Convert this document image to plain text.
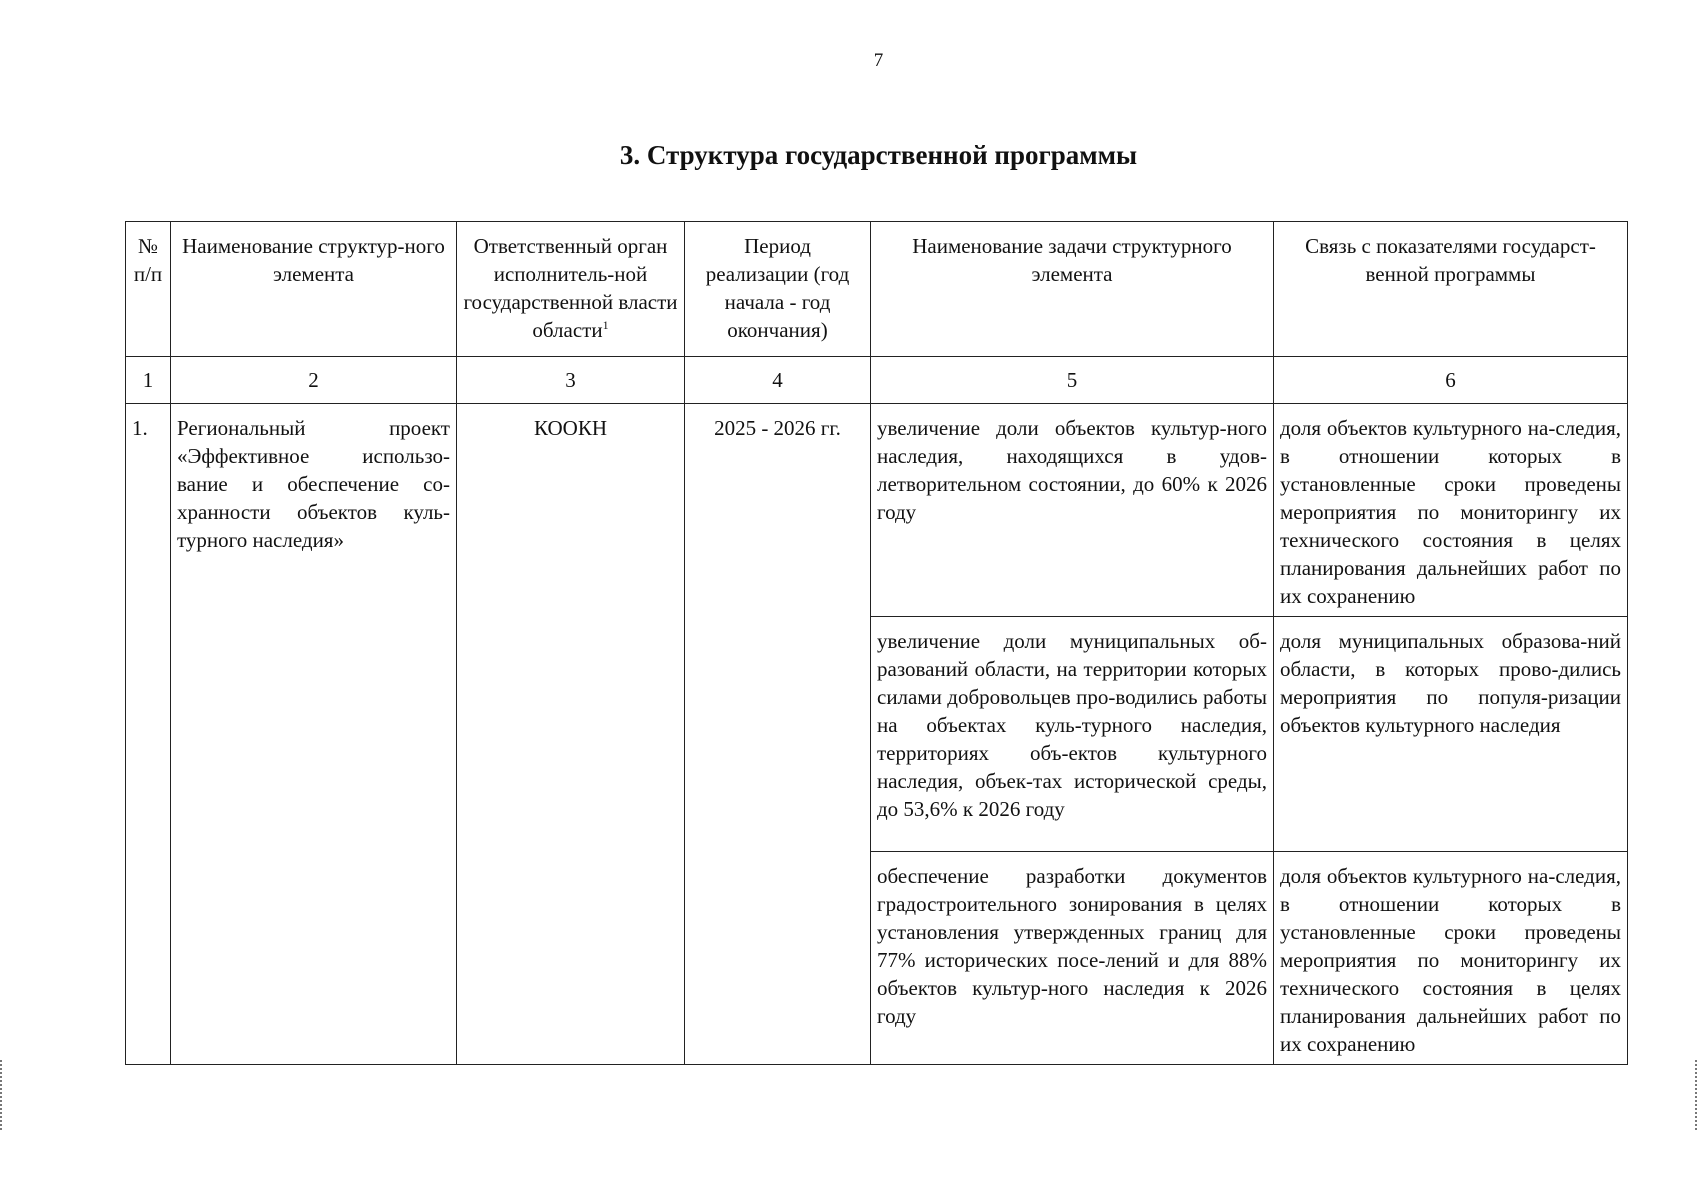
7
3. Структура государственной программы
№ п/п	Наименование структур-ного элемента	Ответственный орган исполнитель-ной государственной власти области$^1$	Период реализации (год начала - год окончания)	Наименование задачи структурного элемента	Связь с показателями государст-венной программы
1	2	3	4	5	6
1.	Региональный проект «Эффективное использо-вание и обеспечение со-хранности объектов куль-турного наследия»	КООКН	2025 - 2026 гг.	увеличение доли объектов культур-ного наследия, находящихся в удов-летворительном состоянии, до 60% к 2026 году	доля объектов культурного на-следия, в отношении которых в установленные сроки проведены мероприятия по мониторингу их технического состояния в целях планирования дальнейших работ по их сохранению
				увеличение доли муниципальных об-разований области, на территории которых силами добровольцев про-водились работы на объектах куль-турного наследия, территориях объ-ектов культурного наследия, объек-тах исторической среды, до 53,6% к 2026 году	доля муниципальных образова-ний области, в которых прово-дились мероприятия по популя-ризации объектов культурного наследия
				обеспечение разработки документов градостроительного зонирования в целях установления утвержденных границ для 77% исторических посе-лений и для 88% объектов культур-ного наследия к 2026 году	доля объектов культурного на-следия, в отношении которых в установленные сроки проведены мероприятия по мониторингу их технического состояния в целях планирования дальнейших работ по их сохранению
